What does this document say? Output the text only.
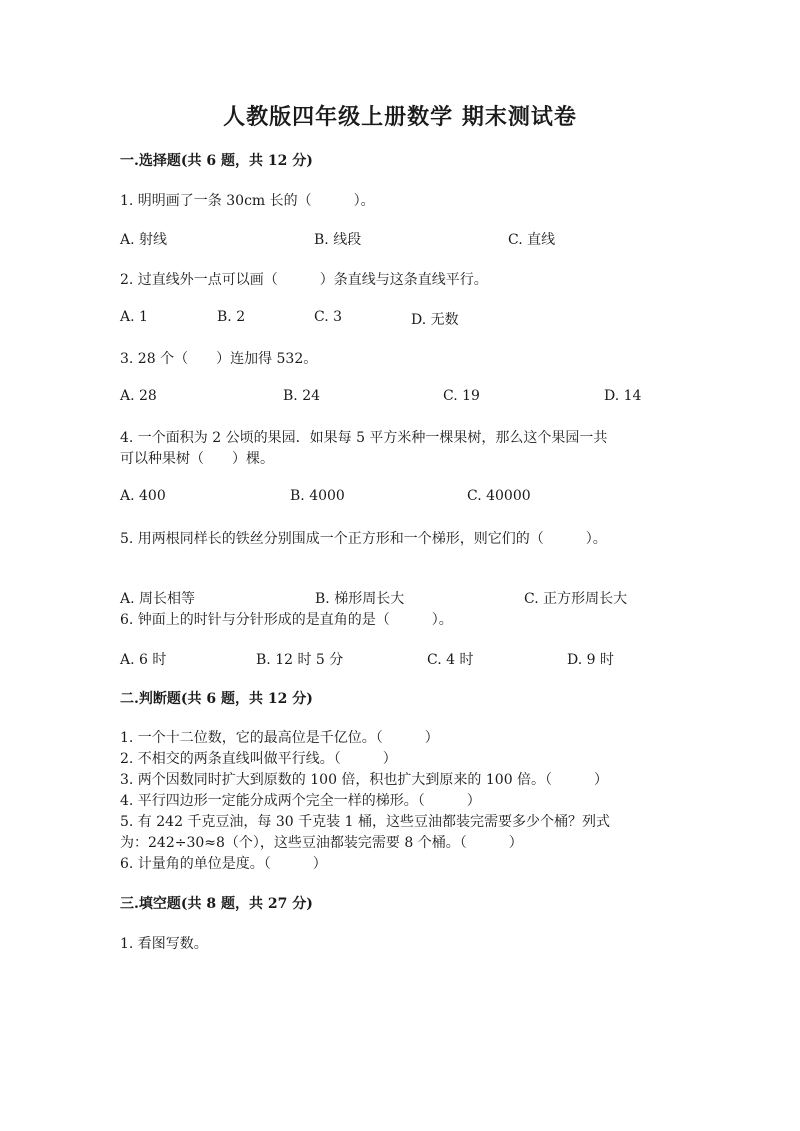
人教版四年级上册数学 期末测试卷
一.选择题(共 6 题，共 12 分)
1. 明明画了一条 30cm 长的（　　　）。
A. 射线	B. 线段	C. 直线
2. 过直线外一点可以画（　　　）条直线与这条直线平行。
A. 1	B. 2	C. 3	D. 无数
3. 28 个（　　）连加得 532。
A. 28	B. 24	C. 19	D. 14
4. 一个面积为 2 公顷的果园．如果每 5 平方米种一棵果树，那么这个果园一共
可以种果树（　　）棵。
A. 400	B. 4000	C. 40000
5. 用两根同样长的铁丝分别围成一个正方形和一个梯形，则它们的（　　　）。
A. 周长相等	B. 梯形周长大	C. 正方形周长大
6. 钟面上的时针与分针形成的是直角的是（　　　）。
A. 6 时	B. 12 时 5 分	C. 4 时	D. 9 时
二.判断题(共 6 题，共 12 分)
1. 一个十二位数，它的最高位是千亿位。（　　　）
2. 不相交的两条直线叫做平行线。（　　　）
3. 两个因数同时扩大到原数的 100 倍，积也扩大到原来的 100 倍。（　　　）
4. 平行四边形一定能分成两个完全一样的梯形。（　　　）
5. 有 242 千克豆油，每 30 千克装 1 桶，这些豆油都装完需要多少个桶？列式
为：242÷30≈8（个），这些豆油都装完需要 8 个桶。（　　　）
6. 计量角的单位是度。（　　　）
三.填空题(共 8 题，共 27 分)
1. 看图写数。
